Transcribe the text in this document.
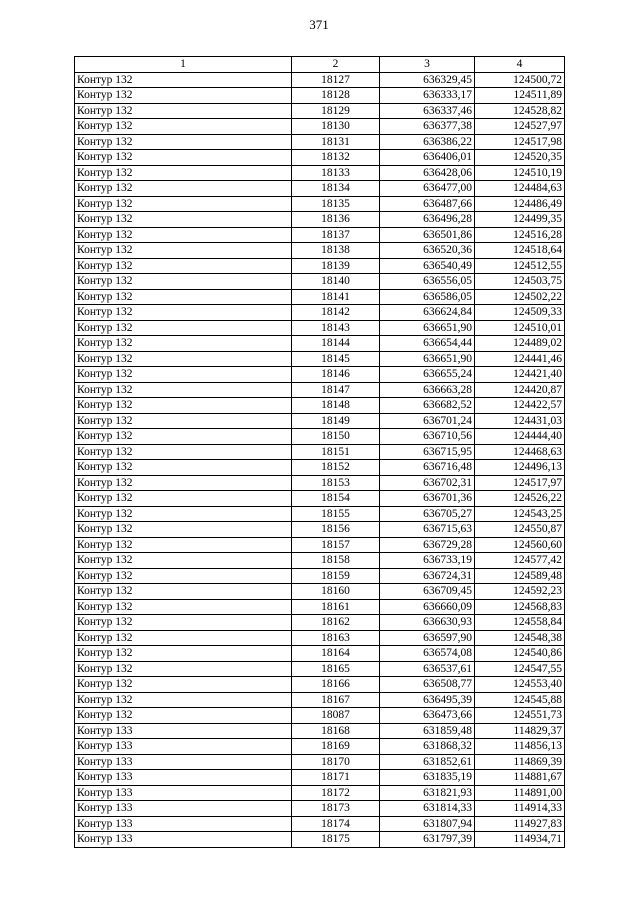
371
1	2	3	4
Контур 132	18127	636329,45	124500,72
Контур 132	18128	636333,17	124511,89
Контур 132	18129	636337,46	124528,82
Контур 132	18130	636377,38	124527,97
Контур 132	18131	636386,22	124517,98
Контур 132	18132	636406,01	124520,35
Контур 132	18133	636428,06	124510,19
Контур 132	18134	636477,00	124484,63
Контур 132	18135	636487,66	124486,49
Контур 132	18136	636496,28	124499,35
Контур 132	18137	636501,86	124516,28
Контур 132	18138	636520,36	124518,64
Контур 132	18139	636540,49	124512,55
Контур 132	18140	636556,05	124503,75
Контур 132	18141	636586,05	124502,22
Контур 132	18142	636624,84	124509,33
Контур 132	18143	636651,90	124510,01
Контур 132	18144	636654,44	124489,02
Контур 132	18145	636651,90	124441,46
Контур 132	18146	636655,24	124421,40
Контур 132	18147	636663,28	124420,87
Контур 132	18148	636682,52	124422,57
Контур 132	18149	636701,24	124431,03
Контур 132	18150	636710,56	124444,40
Контур 132	18151	636715,95	124468,63
Контур 132	18152	636716,48	124496,13
Контур 132	18153	636702,31	124517,97
Контур 132	18154	636701,36	124526,22
Контур 132	18155	636705,27	124543,25
Контур 132	18156	636715,63	124550,87
Контур 132	18157	636729,28	124560,60
Контур 132	18158	636733,19	124577,42
Контур 132	18159	636724,31	124589,48
Контур 132	18160	636709,45	124592,23
Контур 132	18161	636660,09	124568,83
Контур 132	18162	636630,93	124558,84
Контур 132	18163	636597,90	124548,38
Контур 132	18164	636574,08	124540,86
Контур 132	18165	636537,61	124547,55
Контур 132	18166	636508,77	124553,40
Контур 132	18167	636495,39	124545,88
Контур 132	18087	636473,66	124551,73
Контур 133	18168	631859,48	114829,37
Контур 133	18169	631868,32	114856,13
Контур 133	18170	631852,61	114869,39
Контур 133	18171	631835,19	114881,67
Контур 133	18172	631821,93	114891,00
Контур 133	18173	631814,33	114914,33
Контур 133	18174	631807,94	114927,83
Контур 133	18175	631797,39	114934,71
